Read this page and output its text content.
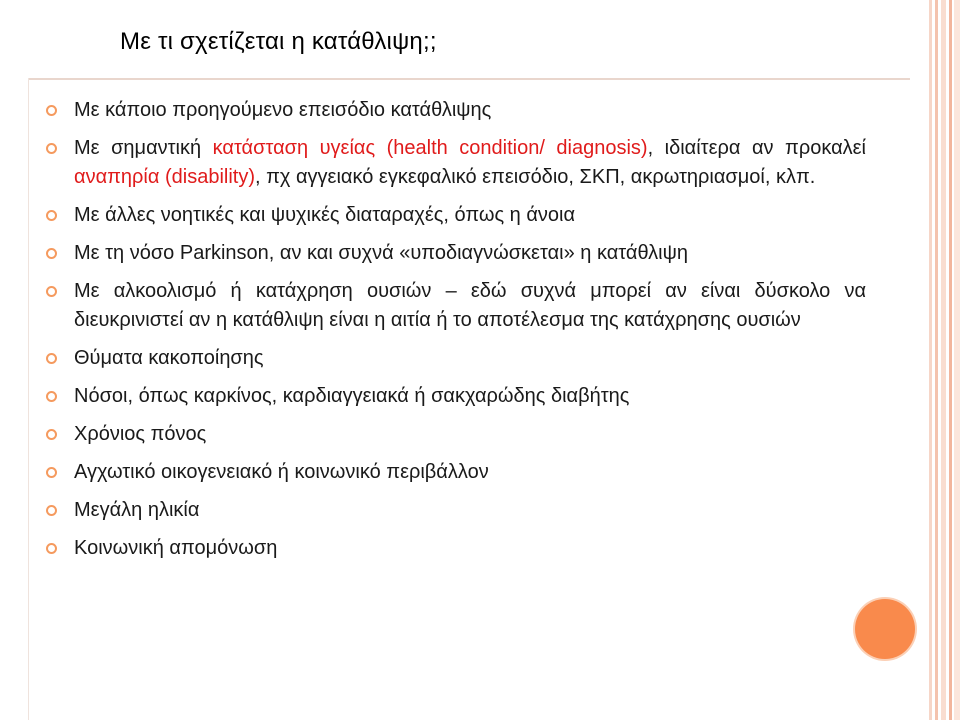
Με τι σχετίζεται η κατάθλιψη;;
Με κάποιο προηγούμενο επεισόδιο κατάθλιψης
Με σημαντική κατάσταση υγείας (health condition/ diagnosis), ιδιαίτερα αν προκαλεί αναπηρία (disability), πχ αγγειακό εγκεφαλικό επεισόδιο, ΣΚΠ, ακρωτηριασμοί, κλπ.
Με άλλες νοητικές και ψυχικές διαταραχές, όπως η άνοια
Με τη νόσο Parkinson, αν και συχνά «υποδιαγνώσκεται» η κατάθλιψη
Με αλκοολισμό ή κατάχρηση ουσιών – εδώ συχνά μπορεί αν είναι δύσκολο να διευκρινιστεί αν η κατάθλιψη είναι η αιτία ή το αποτέλεσμα της κατάχρησης ουσιών
Θύματα κακοποίησης
Νόσοι, όπως καρκίνος, καρδιαγγειακά ή σακχαρώδης διαβήτης
Χρόνιος πόνος
Αγχωτικό οικογενειακό ή κοινωνικό περιβάλλον
Μεγάλη ηλικία
Κοινωνική απομόνωση
